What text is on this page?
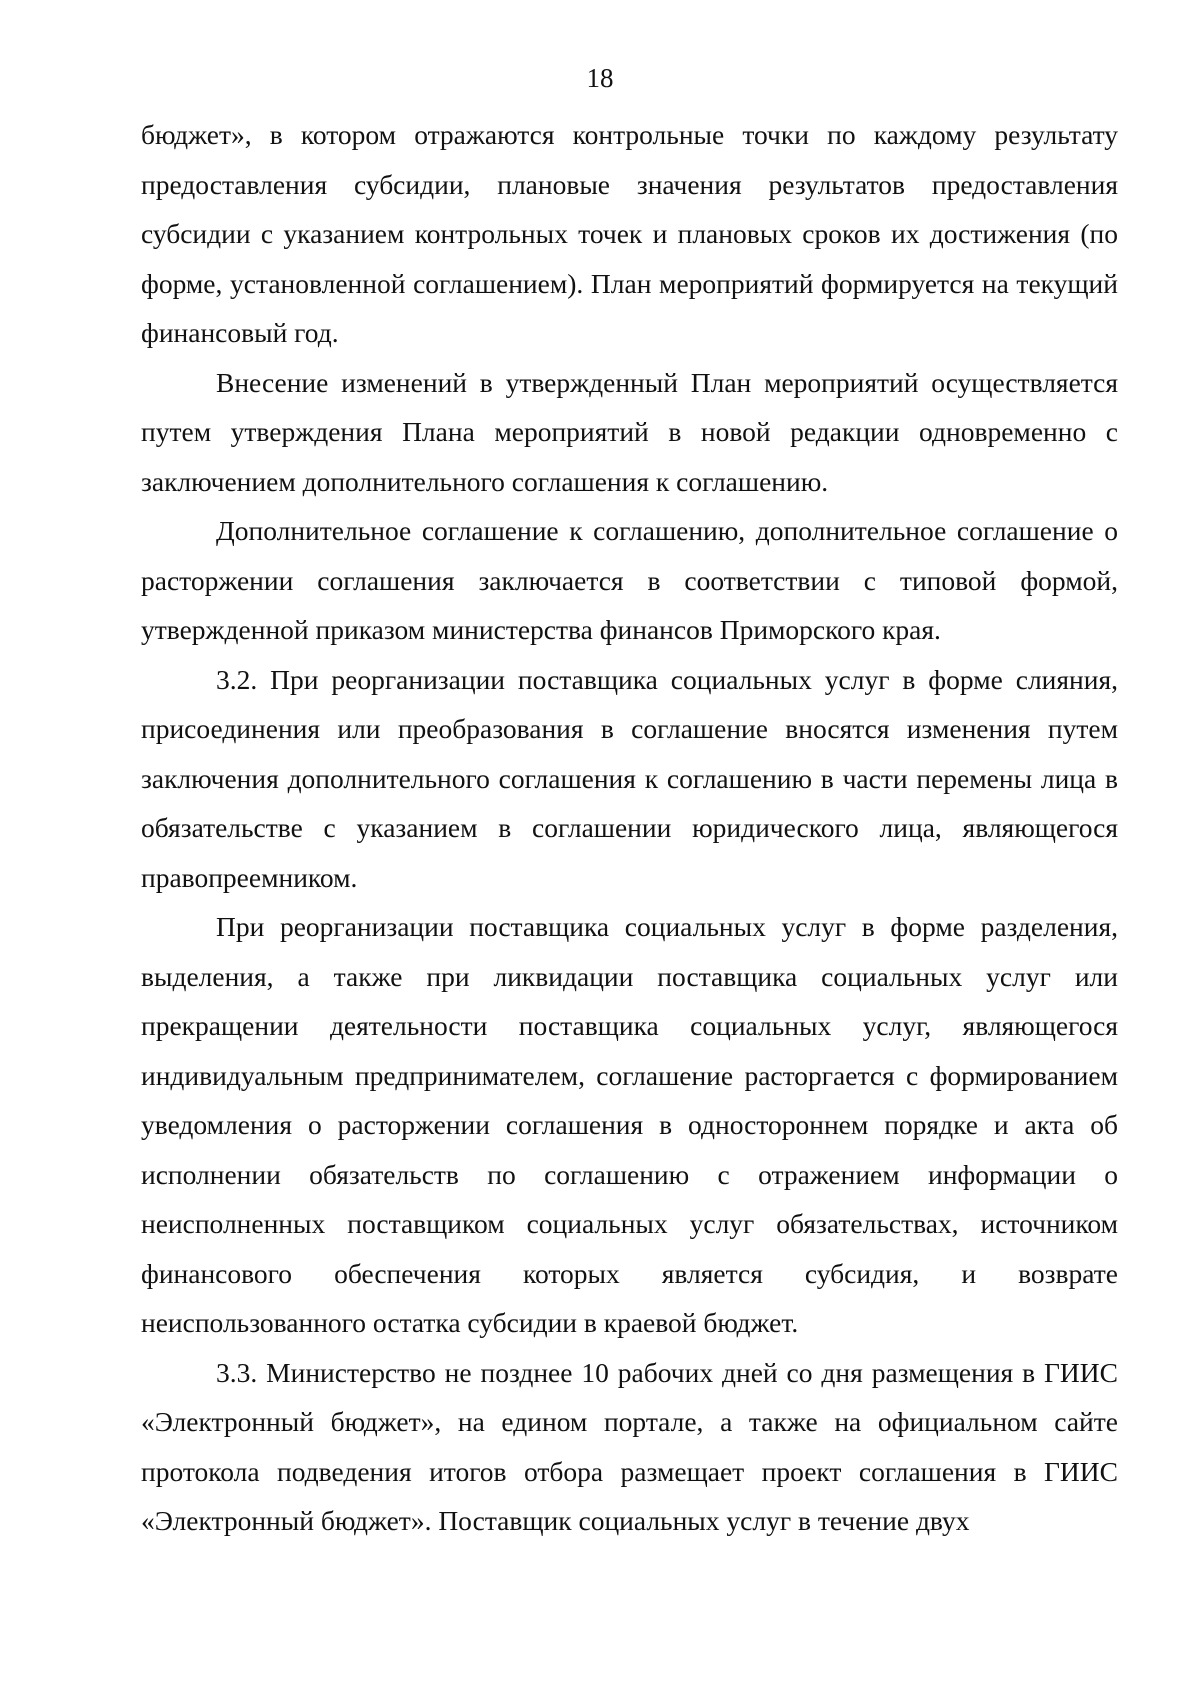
18

бюджет», в котором отражаются контрольные точки по каждому результату предоставления субсидии, плановые значения результатов предоставления субсидии с указанием контрольных точек и плановых сроков их достижения (по форме, установленной соглашением). План мероприятий формируется на текущий финансовый год.

Внесение изменений в утвержденный План мероприятий осуществляется путем утверждения Плана мероприятий в новой редакции одновременно с заключением дополнительного соглашения к соглашению.

Дополнительное соглашение к соглашению, дополнительное соглашение о расторжении соглашения заключается в соответствии с типовой формой, утвержденной приказом министерства финансов Приморского края.

3.2. При реорганизации поставщика социальных услуг в форме слияния, присоединения или преобразования в соглашение вносятся изменения путем заключения дополнительного соглашения к соглашению в части перемены лица в обязательстве с указанием в соглашении юридического лица, являющегося правопреемником.

При реорганизации поставщика социальных услуг в форме разделения, выделения, а также при ликвидации поставщика социальных услуг или прекращении деятельности поставщика социальных услуг, являющегося индивидуальным предпринимателем, соглашение расторгается с формированием уведомления о расторжении соглашения в одностороннем порядке и акта об исполнении обязательств по соглашению с отражением информации о неисполненных поставщиком социальных услуг обязательствах, источником финансового обеспечения которых является субсидия, и возврате неиспользованного остатка субсидии в краевой бюджет.

3.3. Министерство не позднее 10 рабочих дней со дня размещения в ГИИС «Электронный бюджет», на едином портале, а также на официальном сайте протокола подведения итогов отбора размещает проект соглашения в ГИИС «Электронный бюджет». Поставщик социальных услуг в течение двух
